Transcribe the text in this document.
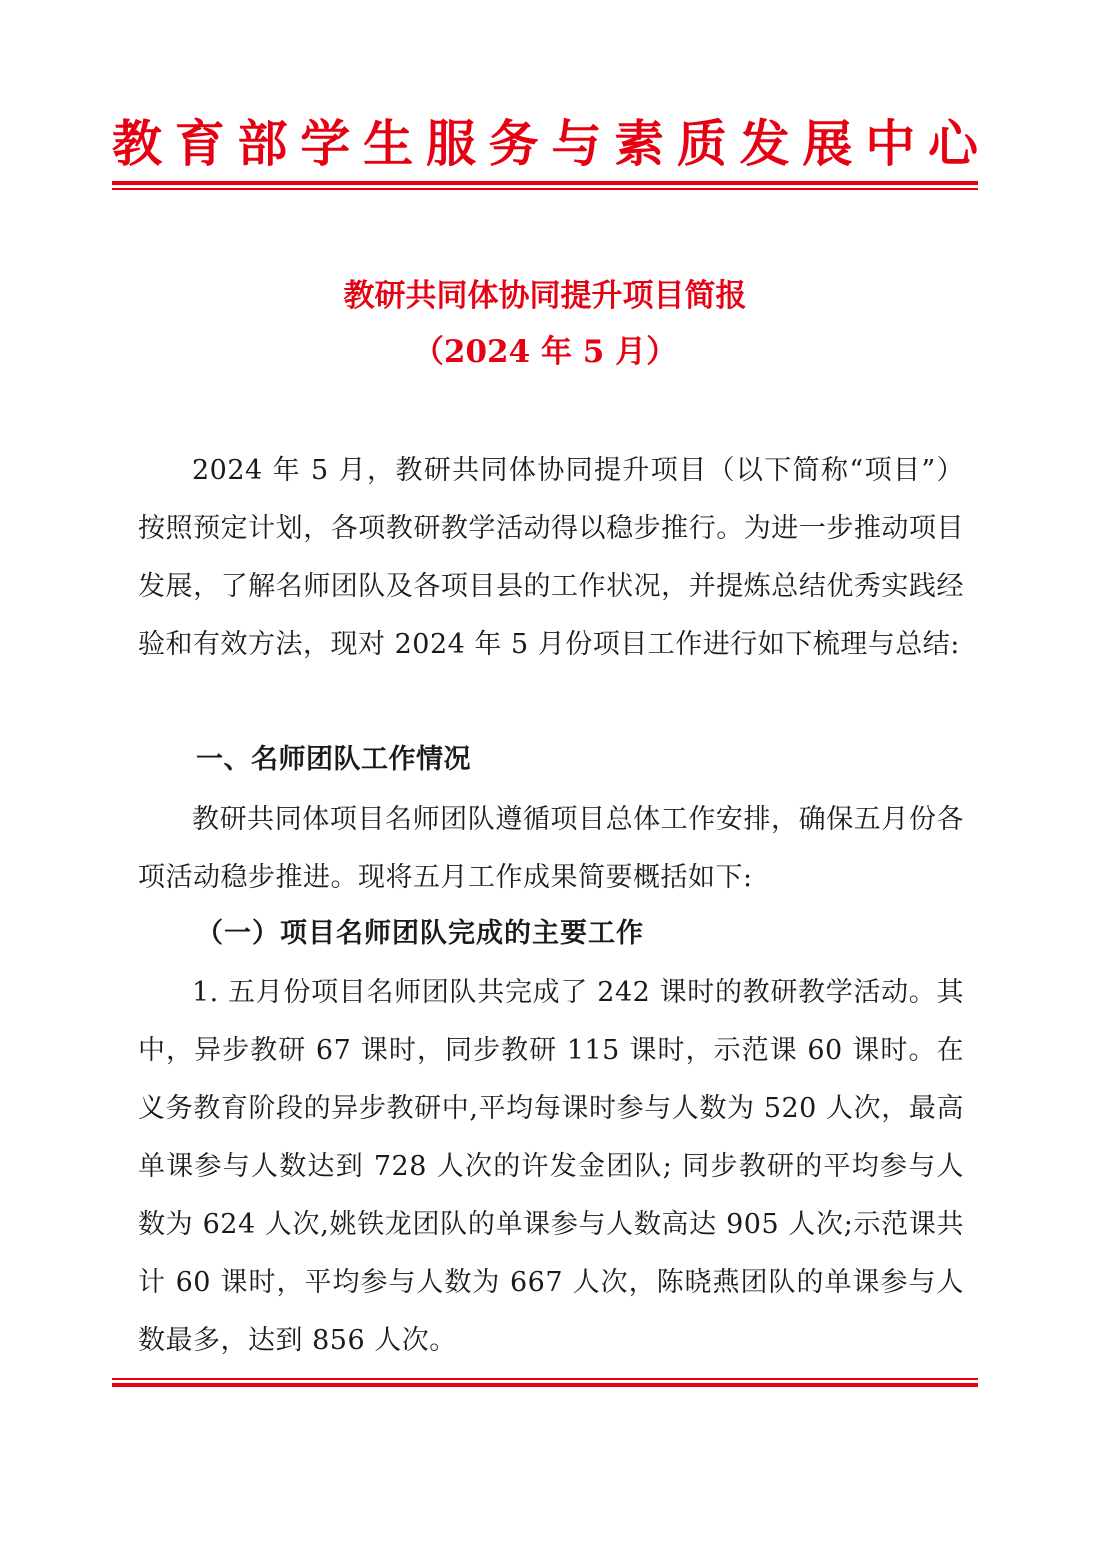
教 育 部 学 生 服 务 与 素 质 发 展 中 心
教研共同体协同提升项目简报
（2024 年 5 月）

2024 年 5 月，教研共同体协同提升项目（以下简称“项目”）按照预定计划，各项教研教学活动得以稳步推行。为进一步推动项目发展，了解名师团队及各项目县的工作状况，并提炼总结优秀实践经验和有效方法，现对 2024 年 5 月份项目工作进行如下梳理与总结:

一、名师团队工作情况

教研共同体项目名师团队遵循项目总体工作安排，确保五月份各项活动稳步推进。现将五月工作成果简要概括如下:

（一）项目名师团队完成的主要工作

1. 五月份项目名师团队共完成了 242 课时的教研教学活动。其中，异步教研 67 课时，同步教研 115 课时，示范课 60 课时。在义务教育阶段的异步教研中,平均每课时参与人数为 520 人次，最高单课参与人数达到 728 人次的许发金团队; 同步教研的平均参与人数为 624 人次,姚铁龙团队的单课参与人数高达 905 人次;示范课共计 60 课时，平均参与人数为 667 人次，陈晓燕团队的单课参与人数最多，达到 856 人次。
